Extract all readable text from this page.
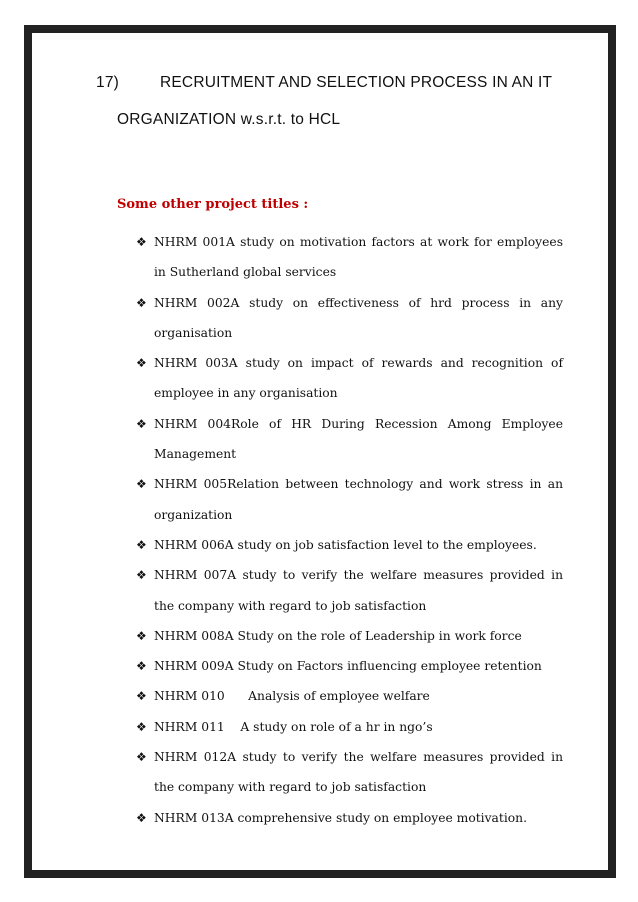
17)	RECRUITMENT AND SELECTION PROCESS IN AN IT
ORGANIZATION w.s.r.t. to HCL
Some other project titles :
❖ NHRM 001A study on motivation factors at work for employees in Sutherland global services
❖ NHRM 002A study on effectiveness of hrd process in any organisation
❖ NHRM 003A study on impact of rewards and recognition of employee in any organisation
❖ NHRM 004Role of HR During Recession Among Employee Management
❖ NHRM 005Relation between technology and work stress in an organization
❖ NHRM 006A study on job satisfaction level to the employees.
❖ NHRM 007A study to verify the welfare measures provided in the company with regard to job satisfaction
❖ NHRM 008A Study on the role of Leadership in work force
❖ NHRM 009A Study on Factors influencing employee retention
❖ NHRM 010      Analysis of employee welfare
❖ NHRM 011    A study on role of a hr in ngo’s
❖ NHRM 012A study to verify the welfare measures provided in the company with regard to job satisfaction
❖ NHRM 013A comprehensive study on employee motivation.
